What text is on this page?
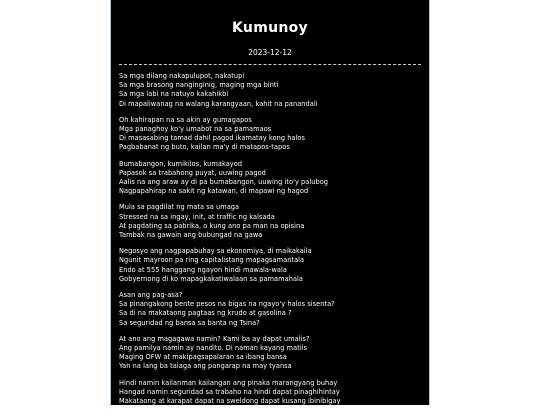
Kumunoy
2023-12-12
Sa mga dilang nakapulupot, nakatupi
Sa mga brasong nanginginig, maging mga binti
Sa mga labi na natuyo kakahikbi
Di mapaliwanag na walang karangyaan, kahit na panandali
Oh kahirapan na sa akin ay gumagapos
Mga panaghoy ko'y umabot na sa pamamaos
Di masasabing tamad dahil pagod ikamatay kong halos
Pagbabanat ng buto, kailan ma'y di matapos-tapos
Bumabangon, kumikilos, kumakayod
Papasok sa trabahong puyat, uuwing pagod
Aalis na ang araw ay di pa bumabangon, uuwing ito'y palubog
Nagpapahirap na sakit ng katawan, di mapawi ng hagod
Mula sa pagdilat ng mata sa umaga
Stressed na sa ingay, init, at traffic ng kalsada
At pagdating sa pabrika, o kung ano pa man na opisina
Tambak na gawain ang bubungad na gawa
Negosyo ang nagpapabuhay sa ekonomiya, di maikakaila
Ngunit mayroon pa ring capitalistang mapagsamantala
Endo at 555 hanggang ngayon hindi mawala-wala
Gobyernong di ko mapagkakatiwalaan sa pamamahala
Asan ang pag-asa?
Sa pinangakong bente pesos na bigas na ngayo'y halos sisenta?
Sa di na makataong pagtaas ng krudo at gasolina ?
Sa seguridad ng bansa sa banta ng Tsina?
At ano ang magagawa namin? Kami ba ay dapat umalis?
Ang pamilya namin ay nandito. Di naman kayang matiis
Maging OFW at makipagsapalaran sa ibang bansa
Yan na lang ba talaga ang pangarap na may tyansa
Hindi namin kailanman kailangan ang pinaka marangyang buhay
Hangad namin seguridad sa trabaho na hindi dapat pinaghihintay
Makataong at karapat dapat na sweldong dapat kusang ibinibigay
Ano ba sa mga ito ang aming pagmamalabis?
